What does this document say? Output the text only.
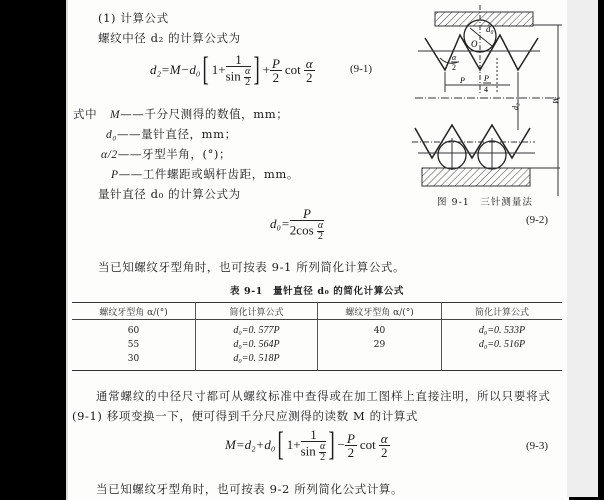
(1) 计算公式
螺纹中径 d₂ 的计算公式为
d₂ =M−d₀ [ $1+ \frac{1}{\sin \frac{\alpha}{2}}$ ] + $\frac{P}{2}$ $\cot \frac{\alpha}{2}$	(9-1)
式中 M——千分尺测得的数值，mm；
d₀——量针直径，mm；
α/2——牙型半角，(°)；
P——工件螺距或蜗杆齿距，mm。
量针直径 d₀ 的计算公式为
d₀
O
α
2
P P
4
M
d₂
图 9-1　三针测量法
$d_0= \frac{P}{2\cos \frac{\alpha}{2}}$	(9-2)
当已知螺纹牙型角时，也可按表 9-1 所列简化计算公式。
表 9-1　量针直径 d₀ 的简化计算公式
螺纹牙型角 α/(°)	简化计算公式	螺纹牙型角 α/(°)	简化计算公式
60	d₀=0. 577P	40	d₀=0. 533P
55	d₀=0. 564P	29	d₀=0. 516P
30	d₀=0. 518P		
通常螺纹的中径尺寸都可从螺纹标准中查得或在加工图样上直接注明，所以只要将式
(9-1) 移项变换一下，便可得到千分尺应测得的读数 M 的计算式
M =d₂+d₀ [ $1+ \frac{1}{\sin \frac{\alpha}{2}}$ ] − $\frac{P}{2}$ $\cot \frac{\alpha}{2}$	(9-3)
当已知螺纹牙型角时，也可按表 9-2 所列简化公式计算。
